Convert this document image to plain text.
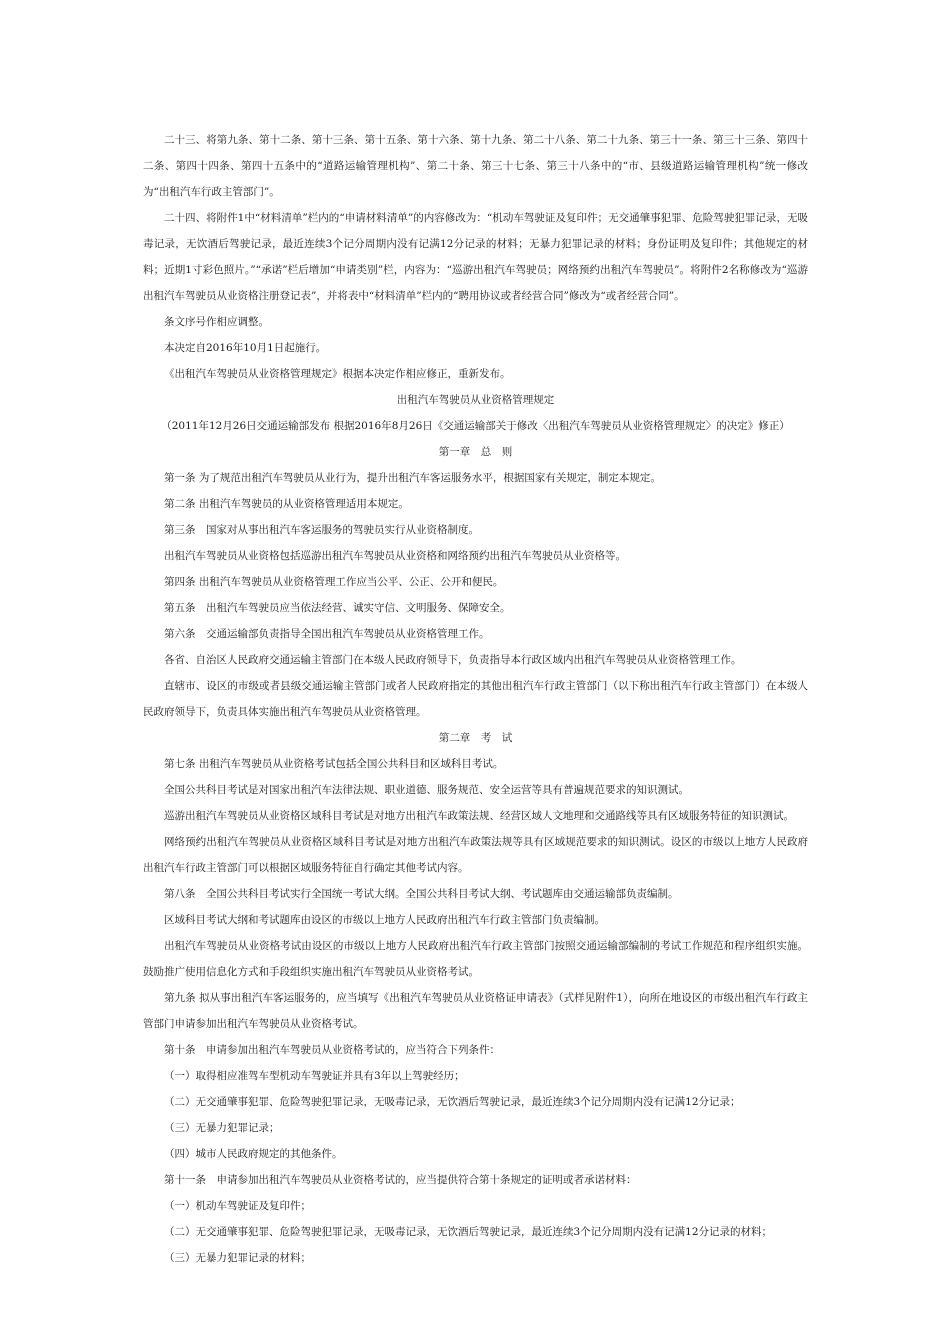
二十三、将第九条、第十二条、第十三条、第十五条、第十六条、第十九条、第二十八条、第二十九条、第三十一条、第三十三条、第四十二条、第四十四条、第四十五条中的“道路运输管理机构”、第二十条、第三十七条、第三十八条中的“市、县级道路运输管理机构”统一修改为“出租汽车行政主管部门”。

二十四、将附件1中“材料清单”栏内的“申请材料清单”的内容修改为：“机动车驾驶证及复印件；无交通肇事犯罪、危险驾驶犯罪记录，无吸毒记录，无饮酒后驾驶记录，最近连续3个记分周期内没有记满12分记录的材料；无暴力犯罪记录的材料；身份证明及复印件；其他规定的材料；近期1寸彩色照片。”“承诺”栏后增加“申请类别”栏，内容为：“巡游出租汽车驾驶员；网络预约出租汽车驾驶员”。将附件2名称修改为“巡游出租汽车驾驶员从业资格注册登记表”，并将表中“材料清单”栏内的“聘用协议或者经营合同”修改为“或者经营合同”。

条文序号作相应调整。

本决定自2016年10月1日起施行。

《出租汽车驾驶员从业资格管理规定》根据本决定作相应修正，重新发布。

出租汽车驾驶员从业资格管理规定

（2011年12月26日交通运输部发布 根据2016年8月26日《交通运输部关于修改〈出租汽车驾驶员从业资格管理规定〉的决定》修正）

第一章　总　则

第一条 为了规范出租汽车驾驶员从业行为，提升出租汽车客运服务水平，根据国家有关规定，制定本规定。

第二条 出租汽车驾驶员的从业资格管理适用本规定。

第三条　国家对从事出租汽车客运服务的驾驶员实行从业资格制度。

出租汽车驾驶员从业资格包括巡游出租汽车驾驶员从业资格和网络预约出租汽车驾驶员从业资格等。

第四条 出租汽车驾驶员从业资格管理工作应当公平、公正、公开和便民。

第五条　出租汽车驾驶员应当依法经营、诚实守信、文明服务、保障安全。

第六条　交通运输部负责指导全国出租汽车驾驶员从业资格管理工作。

各省、自治区人民政府交通运输主管部门在本级人民政府领导下，负责指导本行政区域内出租汽车驾驶员从业资格管理工作。

直辖市、设区的市级或者县级交通运输主管部门或者人民政府指定的其他出租汽车行政主管部门（以下称出租汽车行政主管部门）在本级人民政府领导下，负责具体实施出租汽车驾驶员从业资格管理。

第二章　考　试

第七条 出租汽车驾驶员从业资格考试包括全国公共科目和区域科目考试。

全国公共科目考试是对国家出租汽车法律法规、职业道德、服务规范、安全运营等具有普遍规范要求的知识测试。

巡游出租汽车驾驶员从业资格区域科目考试是对地方出租汽车政策法规、经营区域人文地理和交通路线等具有区域服务特征的知识测试。

网络预约出租汽车驾驶员从业资格区域科目考试是对地方出租汽车政策法规等具有区域规范要求的知识测试。设区的市级以上地方人民政府出租汽车行政主管部门可以根据区域服务特征自行确定其他考试内容。

第八条　全国公共科目考试实行全国统一考试大纲。全国公共科目考试大纲、考试题库由交通运输部负责编制。

区域科目考试大纲和考试题库由设区的市级以上地方人民政府出租汽车行政主管部门负责编制。

出租汽车驾驶员从业资格考试由设区的市级以上地方人民政府出租汽车行政主管部门按照交通运输部编制的考试工作规范和程序组织实施。鼓励推广使用信息化方式和手段组织实施出租汽车驾驶员从业资格考试。

第九条 拟从事出租汽车客运服务的，应当填写《出租汽车驾驶员从业资格证申请表》（式样见附件1），向所在地设区的市级出租汽车行政主管部门申请参加出租汽车驾驶员从业资格考试。

第十条　申请参加出租汽车驾驶员从业资格考试的，应当符合下列条件：

（一）取得相应准驾车型机动车驾驶证并具有3年以上驾驶经历；

（二）无交通肇事犯罪、危险驾驶犯罪记录，无吸毒记录，无饮酒后驾驶记录，最近连续3个记分周期内没有记满12分记录；

（三）无暴力犯罪记录；

（四）城市人民政府规定的其他条件。

第十一条　申请参加出租汽车驾驶员从业资格考试的，应当提供符合第十条规定的证明或者承诺材料：

（一）机动车驾驶证及复印件；

（二）无交通肇事犯罪、危险驾驶犯罪记录，无吸毒记录，无饮酒后驾驶记录，最近连续3个记分周期内没有记满12分记录的材料；

（三）无暴力犯罪记录的材料；
